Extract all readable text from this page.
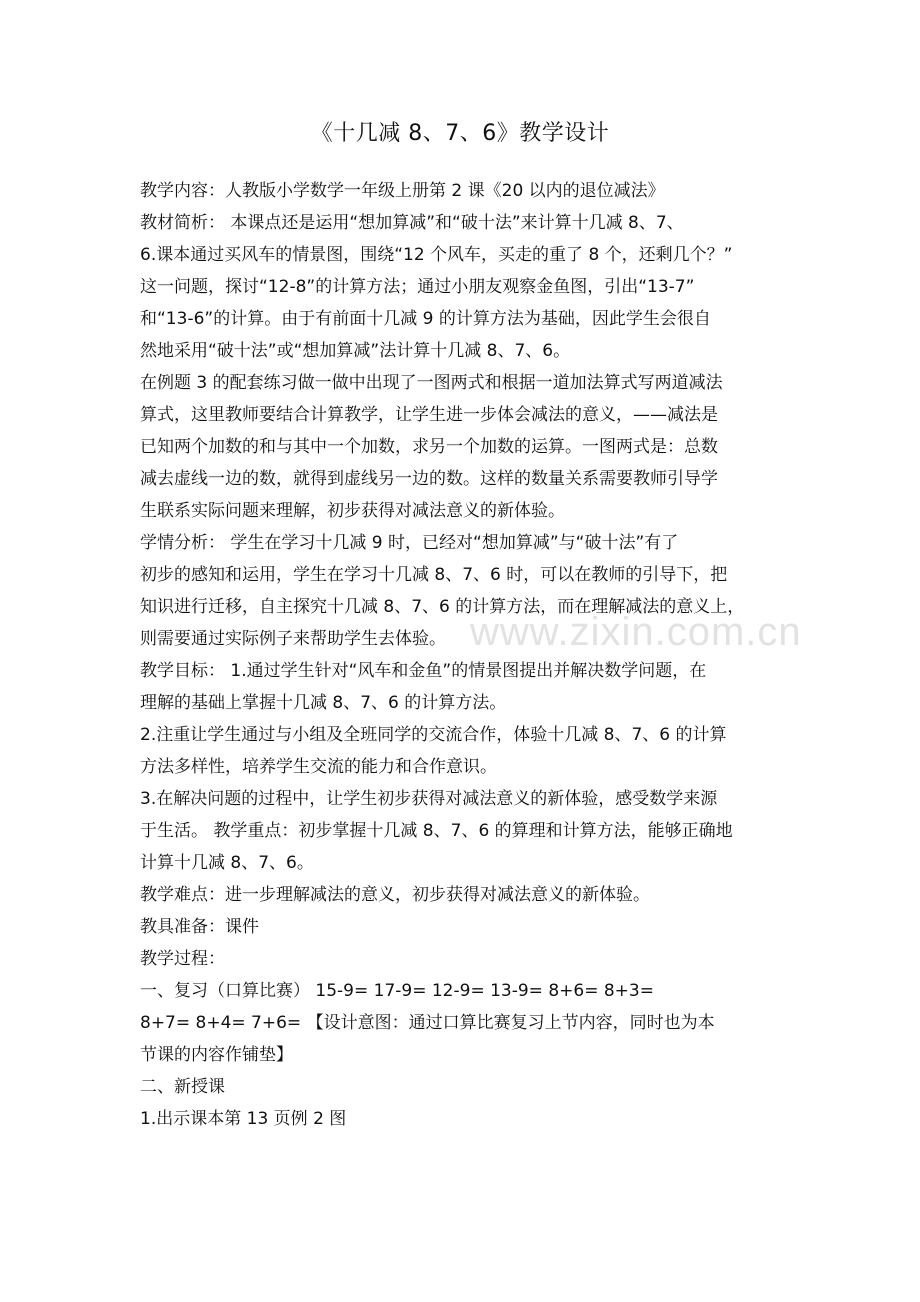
《十几减 8、7、6》教学设计
教学内容：人教版小学数学一年级上册第 2 课《20 以内的退位减法》
教材简析： 本课点还是运用“想加算减”和“破十法”来计算十几减 8、7、
6.课本通过买风车的情景图，围绕“12 个风车，买走的重了 8 个，还剩几个？”
这一问题，探讨“12-8”的计算方法；通过小朋友观察金鱼图，引出“13-7”
和“13-6”的计算。由于有前面十几减 9 的计算方法为基础，因此学生会很自
然地采用“破十法”或“想加算减”法计算十几减 8、7、6。
在例题 3 的配套练习做一做中出现了一图两式和根据一道加法算式写两道减法
算式，这里教师要结合计算教学，让学生进一步体会减法的意义，——减法是
已知两个加数的和与其中一个加数，求另一个加数的运算。一图两式是：总数
减去虚线一边的数，就得到虚线另一边的数。这样的数量关系需要教师引导学
生联系实际问题来理解，初步获得对减法意义的新体验。
学情分析： 学生在学习十几减 9 时，已经对“想加算减”与“破十法”有了
初步的感知和运用，学生在学习十几减 8、7、6 时，可以在教师的引导下，把
知识进行迁移，自主探究十几减 8、7、6 的计算方法，而在理解减法的意义上，
则需要通过实际例子来帮助学生去体验。
教学目标： 1.通过学生针对“风车和金鱼”的情景图提出并解决数学问题，在
理解的基础上掌握十几减 8、7、6 的计算方法。
2.注重让学生通过与小组及全班同学的交流合作，体验十几减 8、7、6 的计算
方法多样性，培养学生交流的能力和合作意识。
3.在解决问题的过程中，让学生初步获得对减法意义的新体验，感受数学来源
于生活。 教学重点：初步掌握十几减 8、7、6 的算理和计算方法，能够正确地
计算十几减 8、7、6。
教学难点：进一步理解减法的意义，初步获得对减法意义的新体验。
教具准备：课件
教学过程：
一、复习（口算比赛） 15-9= 17-9= 12-9= 13-9= 8+6= 8+3=
8+7= 8+4= 7+6= 【设计意图：通过口算比赛复习上节内容，同时也为本
节课的内容作铺垫】
二、新授课
1.出示课本第 13 页例 2 图
www.zixin.com.cn
